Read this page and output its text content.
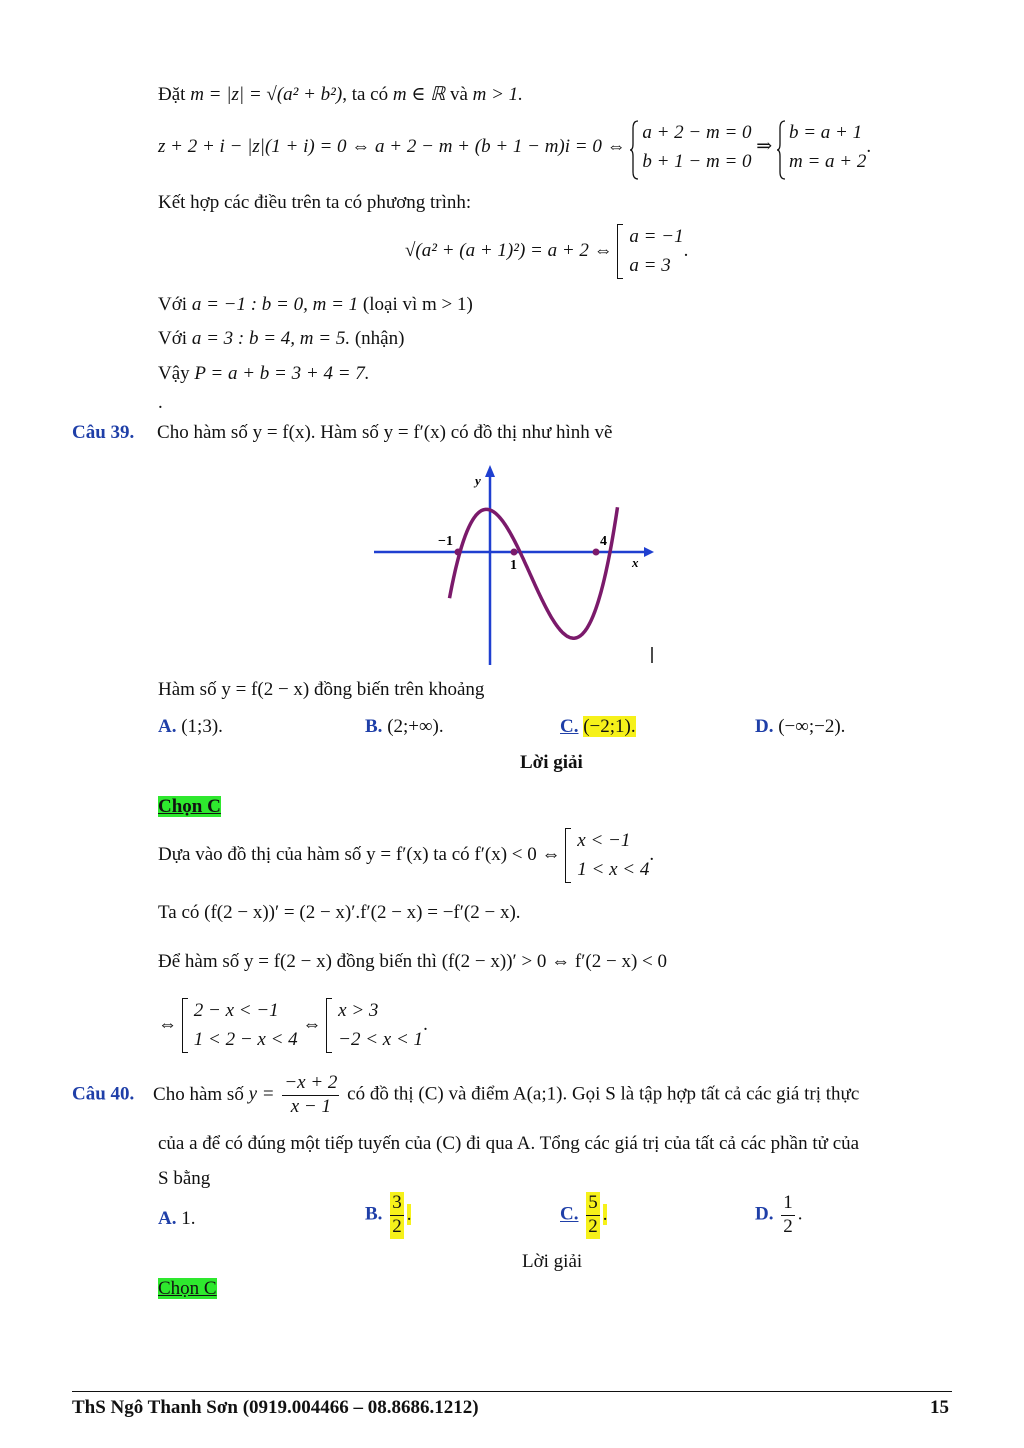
Đặt m = |z| = √(a² + b²), ta có m ∈ ℝ và m > 1.
z + 2 + i − |z|(1 + i) = 0 ⇔ a + 2 − m + (b + 1 − m)i = 0 ⇔
a + 2 − m = 0
b + 1 − m = 0
⇒
b = a + 1
m = a + 2
.
Kết hợp các điều trên ta có phương trình:
√(a² + (a + 1)²) = a + 2 ⇔
a = −1
a = 3
.
Với a = −1 : b = 0, m = 1 (loại vì m > 1)
Với a = 3 : b = 4, m = 5. (nhận)
Vậy P = a + b = 3 + 4 = 7.
.
Câu 39. Cho hàm số y = f(x). Hàm số y = f′(x) có đồ thị như hình vẽ
y
x
−1
1
4
Hàm số y = f(2 − x) đồng biến trên khoảng
A. (1;3).	B. (2;+∞).	C. (−2;1).	D. (−∞;−2).
Lời giải
Chọn C
Dựa vào đồ thị của hàm số y = f′(x) ta có f′(x) < 0 ⇔
x < −1
1 < x < 4
.
Ta có (f(2 − x))′ = (2 − x)′.f′(2 − x) = −f′(2 − x).
Để hàm số y = f(2 − x) đồng biến thì (f(2 − x))′ > 0 ⇔ f′(2 − x) < 0
⇔
2 − x < −1
1 < 2 − x < 4
⇔
x > 3
−2 < x < 1
.
Câu 40. Cho hàm số $y = \frac{-x + 2}{x - 1}$ có đồ thị (C) và điểm A(a;1). Gọi S là tập hợp tất cả các giá trị thực
của a để có đúng một tiếp tuyến của (C) đi qua A. Tổng các giá trị của tất cả các phần tử của
S bằng
A. 1.	B. $\frac{3}{2}$ .	C. $\frac{5}{2}$ .	D. $\frac{1}{2}$ .
Lời giải
Chọn C
ThS Ngô Thanh Sơn (0919.004466 – 08.8686.1212)	15
